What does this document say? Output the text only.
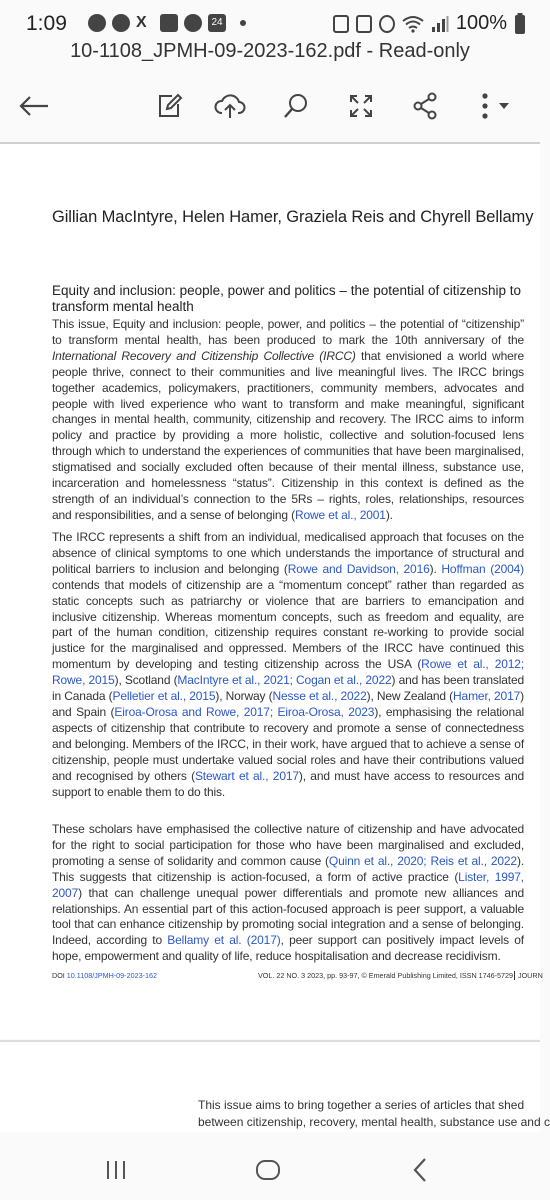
1:09	X	24	100%
10-1108_JPMH-09-2023-162.pdf - Read-only
Gillian MacIntyre, Helen Hamer, Graziela Reis and Chyrell Bellamy
Equity and inclusion: people, power and politics – the potential of citizenship to transform mental health

This issue, Equity and inclusion: people, power, and politics – the potential of “citizenship” to transform mental health, has been produced to mark the 10th anniversary of the International Recovery and Citizenship Collective (IRCC) that envisioned a world where people thrive, connect to their communities and live meaningful lives. The IRCC brings together academics, policymakers, practitioners, community members, advocates and people with lived experience who want to transform and make meaningful, significant changes in mental health, community, citizenship and recovery. The IRCC aims to inform policy and practice by providing a more holistic, collective and solution-focused lens through which to understand the experiences of communities that have been marginalised, stigmatised and socially excluded often because of their mental illness, substance use, incarceration and homelessness “status”. Citizenship in this context is defined as the strength of an individual’s connection to the 5Rs – rights, roles, relationships, resources and responsibilities, and a sense of belonging (Rowe et al., 2001).

The IRCC represents a shift from an individual, medicalised approach that focuses on the absence of clinical symptoms to one which understands the importance of structural and political barriers to inclusion and belonging (Rowe and Davidson, 2016). Hoffman (2004) contends that models of citizenship are a “momentum concept” rather than regarded as static concepts such as patriarchy or violence that are barriers to emancipation and inclusive citizenship. Whereas momentum concepts, such as freedom and equality, are part of the human condition, citizenship requires constant re-working to provide social justice for the marginalised and oppressed. Members of the IRCC have continued this momentum by developing and testing citizenship across the USA (Rowe et al., 2012; Rowe, 2015), Scotland (MacIntyre et al., 2021; Cogan et al., 2022) and has been translated in Canada (Pelletier et al., 2015), Norway (Nesse et al., 2022), New Zealand (Hamer, 2017) and Spain (Eiroa-Orosa and Rowe, 2017; Eiroa-Orosa, 2023), emphasising the relational aspects of citizenship that contribute to recovery and promote a sense of connectedness and belonging. Members of the IRCC, in their work, have argued that to achieve a sense of citizenship, people must undertake valued social roles and have their contributions valued and recognised by others (Stewart et al., 2017), and must have access to resources and support to enable them to do this.

These scholars have emphasised the collective nature of citizenship and have advocated for the right to social participation for those who have been marginalised and excluded, promoting a sense of solidarity and common cause (Quinn et al., 2020; Reis et al., 2022). This suggests that citizenship is action-focused, a form of active practice (Lister, 1997, 2007) that can challenge unequal power differentials and promote new alliances and relationships. An essential part of this action-focused approach is peer support, a valuable tool that can enhance citizenship by promoting social integration and a sense of belonging. Indeed, according to Bellamy et al. (2017), peer support can positively impact levels of hope, empowerment and quality of life, reduce hospitalisation and decrease recidivism.

DOI 10.1108/JPMH-09-2023-162	VOL. 22 NO. 3 2023, pp. 93-97, © Emerald Publishing Limited, ISSN 1746-5729 JOURN
This issue aims to bring together a series of articles that shed
between citizenship, recovery, mental health, substance use and c
